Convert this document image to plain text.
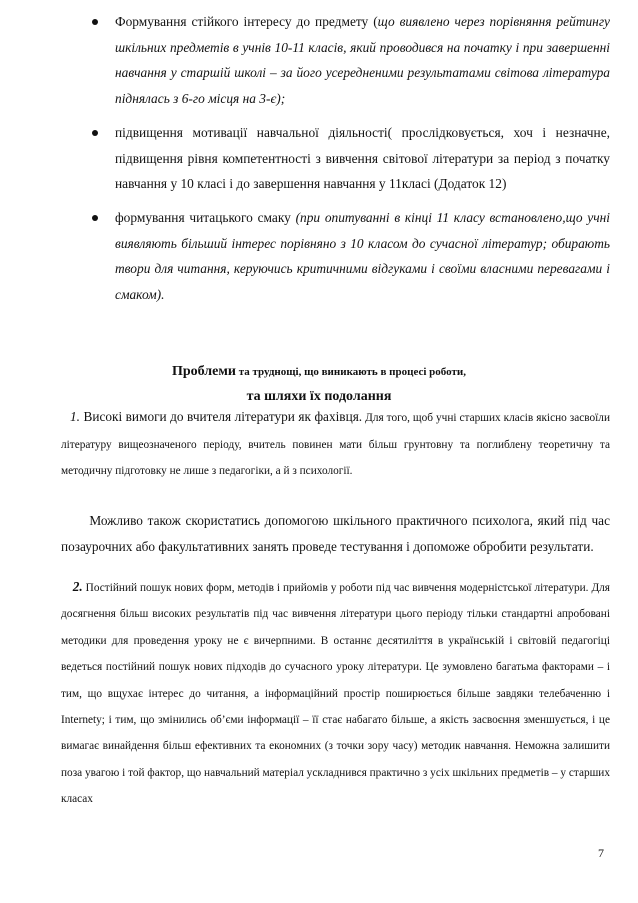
Формування стійкого інтересу до предмету (що виявлено через порівняння рейтингу шкільних предметів в учнів 10-11 класів, який проводився на початку і при завершенні навчання у старшій школі – за його усередненими результатами світова література піднялась з 6-го місця на 3-є);
підвищення мотивації навчальної діяльності( прослідковується, хоч і незначне, підвищення рівня компетентності з вивчення світової літератури за період з початку навчання у 10 класі і до завершення навчання у 11класі (Додаток 12)
формування читацького смаку (при опитуванні в кінці 11 класу встановлено,що учні виявляють більший інтерес порівняно з 10 класом до сучасної літератур; обирають твори для читання, керуючись критичними відгуками і своїми власними перевагами і смаком).

Проблеми та труднощі, що виникають в процесі роботи,

та шляхи їх подолання

1. Високі вимоги до вчителя літератури як фахівця. Для того, щоб учні старших класів якісно засвоїли літературу вищеозначеного періоду, вчитель повинен мати більш грунтовну та поглиблену теоретичну та методичну підготовку не лише з педагогіки, а й з психології.

Можливо також скористатись допомогою шкільного практичного психолога, який під час позаурочних або факультативних занять проведе тестування і допоможе обробити результати.

2. Постійний пошук нових форм, методів і прийомів у роботи під час вивчення модерністської літератури. Для досягнення більш високих результатів під час вивчення літератури цього періоду тільки стандартні апробовані методики для проведення уроку не є вичерпними. В останнє десятиліття в українській і світовій педагогіці ведеться постійний пошук нових підходів до сучасного уроку літератури. Це зумовлено багатьма факторами – і тим, що вщухає інтерес до читання, а інформаційний простір поширюється більше завдяки телебаченню і Internety; і тим, що змінились об’єми інформації – її стає набагато більше, а якість засвоєння зменшується, і це вимагає винайдення більш ефективних та економних (з точки зору часу) методик навчання. Неможна залишити поза увагою і той фактор, що навчальний матеріал ускладнився практично з усіх шкільних предметів – у старших класах

7
